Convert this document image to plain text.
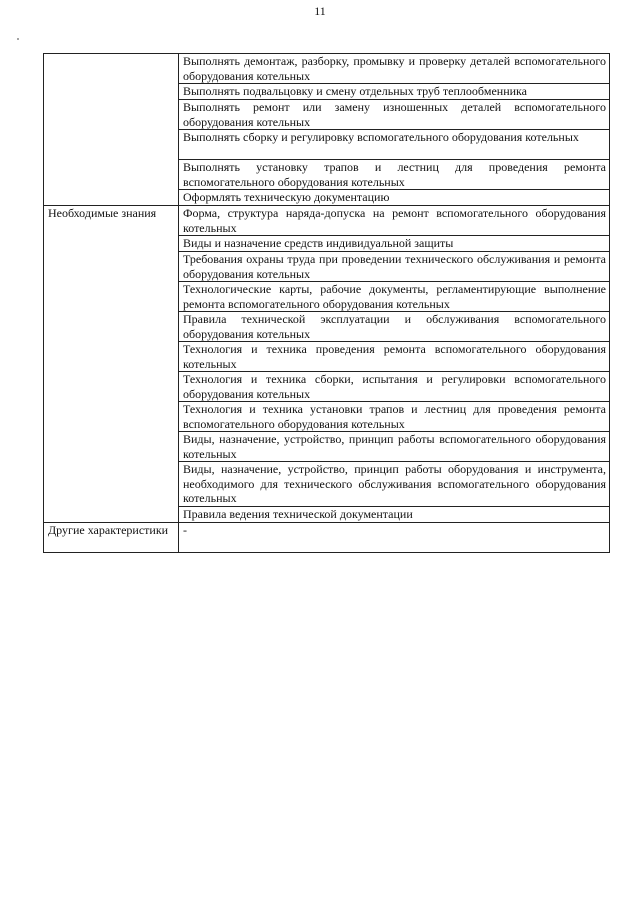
11
	Выполнять демонтаж, разборку, промывку и проверку деталей вспомогательного оборудования котельных
	Выполнять подвальцовку и смену отдельных труб теплообменника
	Выполнять ремонт или замену изношенных деталей вспомогательного оборудования котельных
	Выполнять сборку и регулировку вспомогательного оборудования котельных
	Выполнять установку трапов и лестниц для проведения ремонта вспомогательного оборудования котельных
	Оформлять техническую документацию
Необходимые знания	Форма, структура наряда-допуска на ремонт вспомогательного оборудования котельных
	Виды и назначение средств индивидуальной защиты
	Требования охраны труда при проведении технического обслуживания и ремонта оборудования котельных
	Технологические карты, рабочие документы, регламентирующие выполнение ремонта вспомогательного оборудования котельных
	Правила технической эксплуатации и обслуживания вспомогательного оборудования котельных
	Технология и техника проведения ремонта вспомогательного оборудования котельных
	Технология и техника сборки, испытания и регулировки вспомогательного оборудования котельных
	Технология и техника установки трапов и лестниц для проведения ремонта вспомогательного оборудования котельных
	Виды, назначение, устройство, принцип работы вспомогательного оборудования котельных
	Виды, назначение, устройство, принцип работы оборудования и инструмента, необходимого для технического обслуживания вспомогательного оборудования котельных
	Правила ведения технической документации
Другие характеристики	-
